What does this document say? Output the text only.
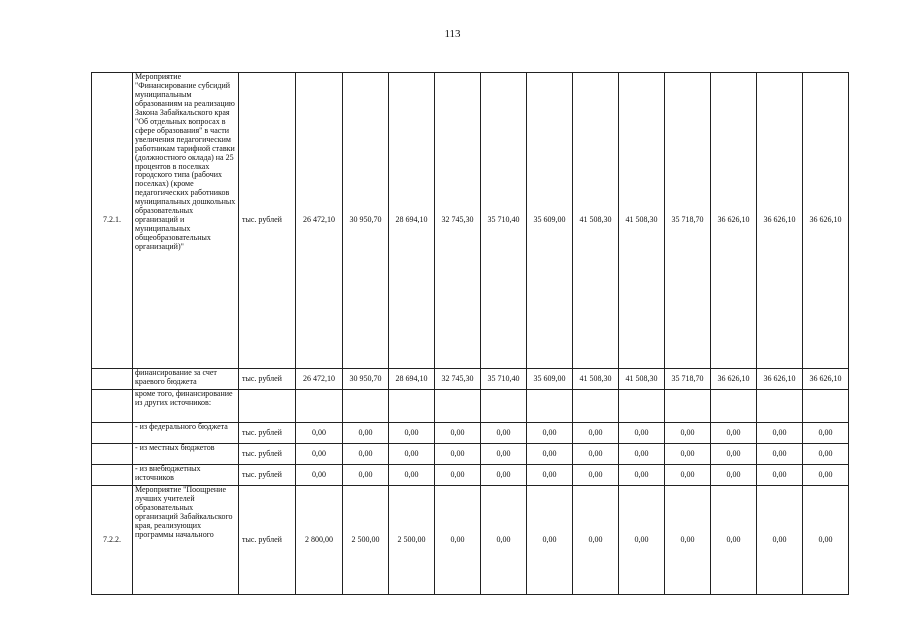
113
7.2.1.	Мероприятие "Финансирование субсидий муниципальным образованиям на реализацию Закона Забайкальского края "Об отдельных вопросах в сфере образования" в части увеличения педагогическим работникам тарифной ставки (должностного оклада) на 25 процентов в поселках городского типа (рабочих поселках) (кроме педагогических работников муниципальных дошкольных образовательных организаций и муниципальных общеобразовательных организаций)"	тыс. рублей	26 472,10	30 950,70	28 694,10	32 745,30	35 710,40	35 609,00	41 508,30	41 508,30	35 718,70	36 626,10	36 626,10	36 626,10
	финансирование за счет краевого бюджета	тыс. рублей	26 472,10	30 950,70	28 694,10	32 745,30	35 710,40	35 609,00	41 508,30	41 508,30	35 718,70	36 626,10	36 626,10	36 626,10
	кроме того, финансирование из других источников:													
	- из федерального бюджета	тыс. рублей	0,00	0,00	0,00	0,00	0,00	0,00	0,00	0,00	0,00	0,00	0,00	0,00
	- из местных бюджетов	тыс. рублей	0,00	0,00	0,00	0,00	0,00	0,00	0,00	0,00	0,00	0,00	0,00	0,00
	- из внебюджетных источников	тыс. рублей	0,00	0,00	0,00	0,00	0,00	0,00	0,00	0,00	0,00	0,00	0,00	0,00
7.2.2.	Мероприятие "Поощрение лучших учителей образовательных организаций Забайкальского края, реализующих программы начального	тыс. рублей	2 800,00	2 500,00	2 500,00	0,00	0,00	0,00	0,00	0,00	0,00	0,00	0,00	0,00
